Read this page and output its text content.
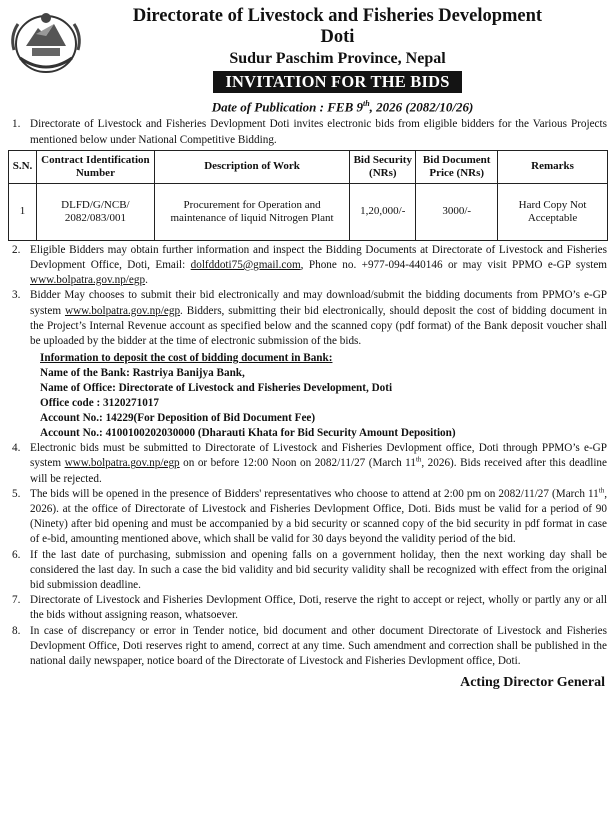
Directorate of Livestock and Fisheries Development
Doti
Sudur Paschim Province, Nepal
INVITATION FOR THE BIDS
Date of Publication : FEB 9th, 2026 (2082/10/26)
1. Directorate of Livestock and Fisheries Devlopment Doti invites electronic bids from eligible bidders for the Various Projects mentioned below under National Competitive Bidding.
S.N.	Contract Identification Number	Description of Work	Bid Security (NRs)	Bid Document Price (NRs)	Remarks
1	DLFD/G/NCB/ 2082/083/001	Procurement for Operation and maintenance of liquid Nitrogen Plant	1,20,000/-	3000/-	Hard Copy Not Acceptable
2. Eligible Bidders may obtain further information and inspect the Bidding Documents at Directorate of Livestock and Fisheries Devlopment Office, Doti, Email: dolfddoti75@gmail.com, Phone no. +977-094-440146 or may visit PPMO e-GP system www.bolpatra.gov.np/egp.
3. Bidder May chooses to submit their bid electronically and may download/submit the bidding documents from PPMO’s e-GP system www.bolpatra.gov.np/egp. Bidders, submitting their bid electronically, should deposit the cost of bidding document in the Project’s Internal Revenue account as specified below and the scanned copy (pdf format) of the Bank deposit voucher shall be uploaded by the bidder at the time of electronic submission of the bids.
Information to deposit the cost of bidding document in Bank:
Name of the Bank: Rastriya Banijya Bank,
Name of Office: Directorate of Livestock and Fisheries Development, Doti
Office code : 3120271017
Account No.: 14229(For Deposition of Bid Document Fee)
Account No.: 4100100202030000 (Dharauti Khata for Bid Security Amount Deposition)
4. Electronic bids must be submitted to Directorate of Livestock and Fisheries Devlopment office, Doti through PPMO’s e-GP system www.bolpatra.gov.np/egp on or before 12:00 Noon on 2082/11/27 (March 11th, 2026). Bids received after this deadline will be rejected.
5. The bids will be opened in the presence of Bidders' representatives who choose to attend at 2:00 pm on 2082/11/27 (March 11th, 2026). at the office of Directorate of Livestock and Fisheries Devlopment Office, Doti. Bids must be valid for a period of 90 (Ninety) after bid opening and must be accompanied by a bid security or scanned copy of the bid security in pdf format in case of e-bid, amounting mentioned above, which shall be valid for 30 days beyond the validity period of the bid.
6. If the last date of purchasing, submission and opening falls on a government holiday, then the next working day shall be considered the last day. In such a case the bid validity and bid security validity shall be recognized with effect from the original bid submission deadline.
7. Directorate of Livestock and Fisheries Devlopment Office, Doti, reserve the right to accept or reject, wholly or partly any or all the bids without assigning reason, whatsoever.
8. In case of discrepancy or error in Tender notice, bid document and other document Directorate of Livestock and Fisheries Devlopment Office, Doti reserves right to amend, correct at any time. Such amendment and correction shall be published in the national daily newspaper, notice board of the Directorate of Livestock and Fisheries Devlopment office, Doti.
Acting Director General
